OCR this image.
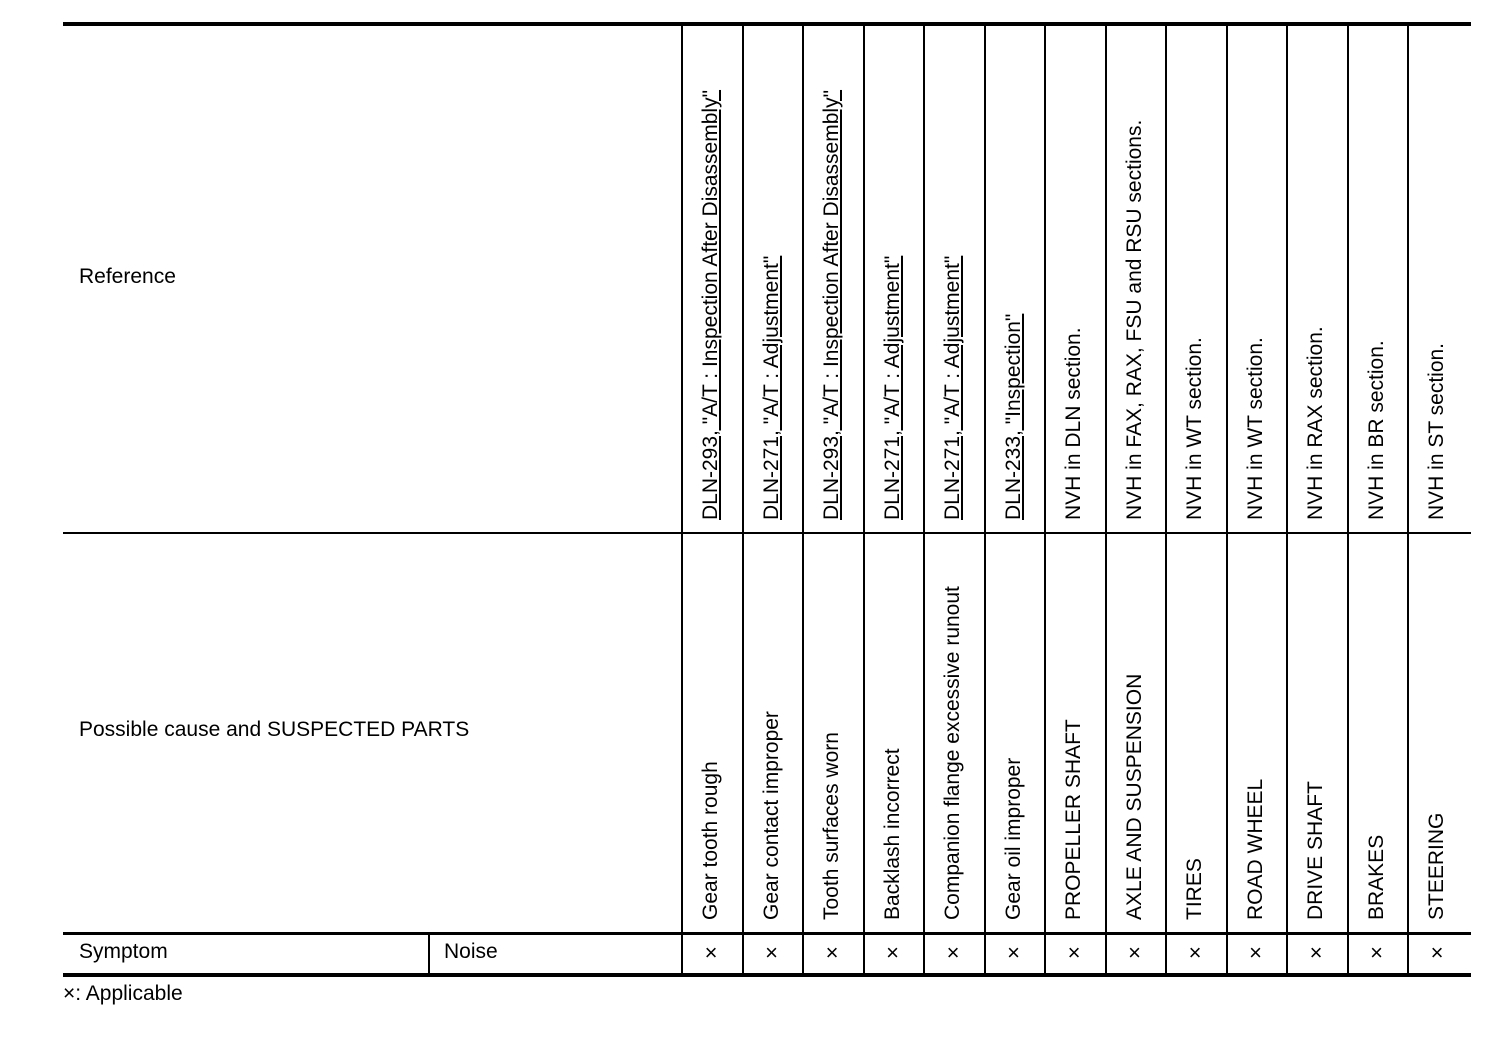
Reference
Possible cause and SUSPECTED PARTS
Symptom	Noise
DLN-293, "A/T : Inspection After Disassembly"
Gear tooth rough
×
DLN-271, "A/T : Adjustment"
Gear contact improper
×
DLN-293, "A/T : Inspection After Disassembly"
Tooth surfaces worn
×
DLN-271, "A/T : Adjustment"
Backlash incorrect
×
DLN-271, "A/T : Adjustment"
Companion flange excessive runout
×
DLN-233, "Inspection"
Gear oil improper
×
NVH in DLN section.
PROPELLER SHAFT
×
NVH in FAX, RAX, FSU and RSU sections.
AXLE AND SUSPENSION
×
NVH in WT section.
TIRES
×
NVH in WT section.
ROAD WHEEL
×
NVH in RAX section.
DRIVE SHAFT
×
NVH in BR section.
BRAKES
×
NVH in ST section.
STEERING
×
×: Applicable
